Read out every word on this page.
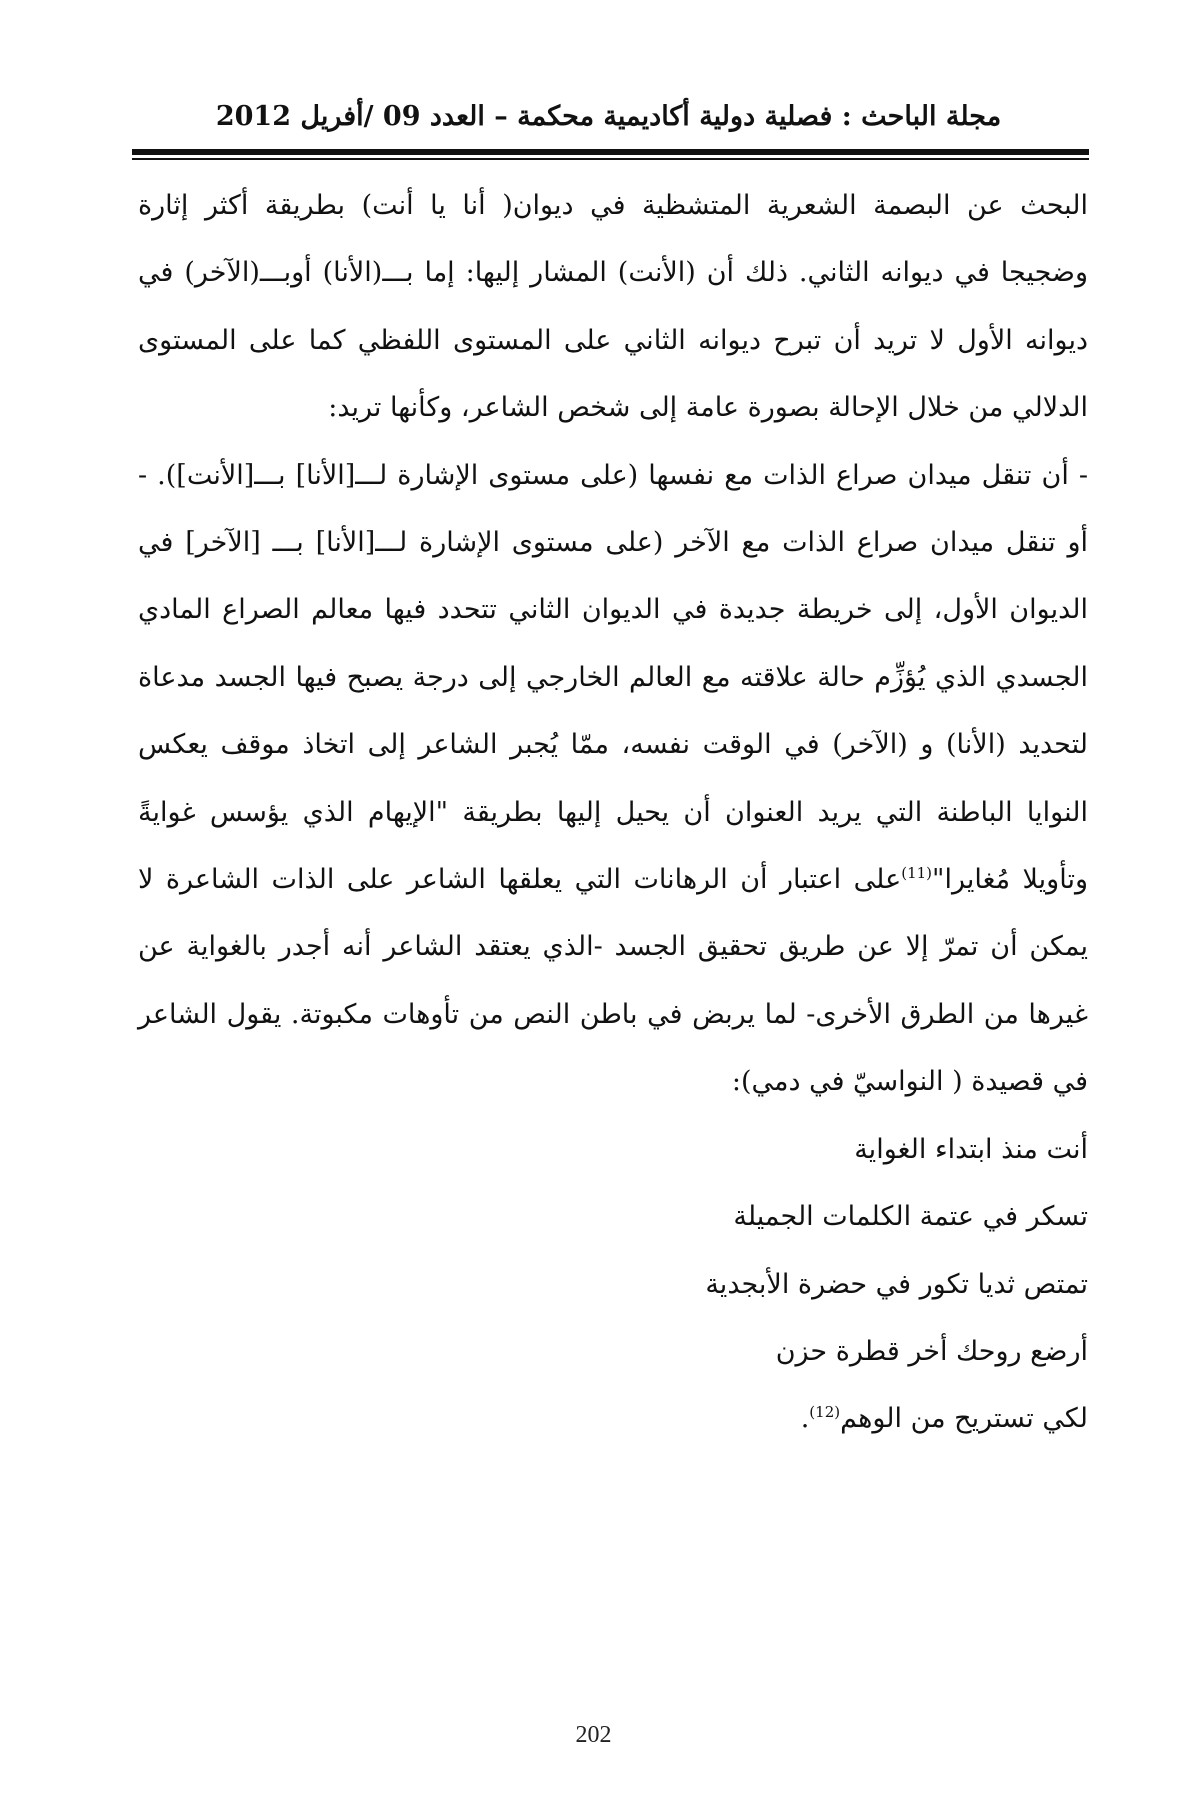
مجلة الباحث : فصلية دولية أكاديمية محكمة – العدد 09 /أفريل 2012

البحث عن البصمة الشعرية المتشظية في ديوان( أنا يا أنت) بطريقة أكثر إثارة وضجيجا في ديوانه الثاني. ذلك أن (الأنت) المشار إليها: إما بـــ(الأنا) أوبـــ(الآخر) في ديوانه الأول لا تريد أن تبرح ديوانه الثاني على المستوى اللفظي كما على المستوى الدلالي من خلال الإحالة بصورة عامة إلى شخص الشاعر، وكأنها تريد:

- أن تنقل ميدان صراع الذات مع نفسها (على مستوى الإشارة لـــ[الأنا] بـــ[الأنت]). - أو تنقل ميدان صراع الذات مع الآخر (على مستوى الإشارة لـــ[الأنا] بـــ [الآخر] في الديوان الأول، إلى خريطة جديدة في الديوان الثاني تتحدد فيها معالم الصراع المادي الجسدي الذي يُؤزِّم حالة علاقته مع العالم الخارجي إلى درجة يصبح فيها الجسد مدعاة لتحديد (الأنا) و (الآخر) في الوقت نفسه، ممّا يُجبر الشاعر إلى اتخاذ موقف يعكس النوايا الباطنة التي يريد العنوان أن يحيل إليها بطريقة "الإيهام الذي يؤسس غوايةً وتأويلا مُغايرا"$^{(11)}$على اعتبار أن الرهانات التي يعلقها الشاعر على الذات الشاعرة لا يمكن أن تمرّ إلا عن طريق تحقيق الجسد -الذي يعتقد الشاعر أنه أجدر بالغواية عن غيرها من الطرق الأخرى- لما يربض في باطن النص من تأوهات مكبوتة. يقول الشاعر في قصيدة ( النواسيّ في دمي):

أنت منذ ابتداء الغواية
تسكر في عتمة الكلمات الجميلة
تمتص ثديا تكور في حضرة الأبجدية
أرضع روحك أخر قطرة حزن
لكي تستريح من الوهم$^{(12)}$.
202
